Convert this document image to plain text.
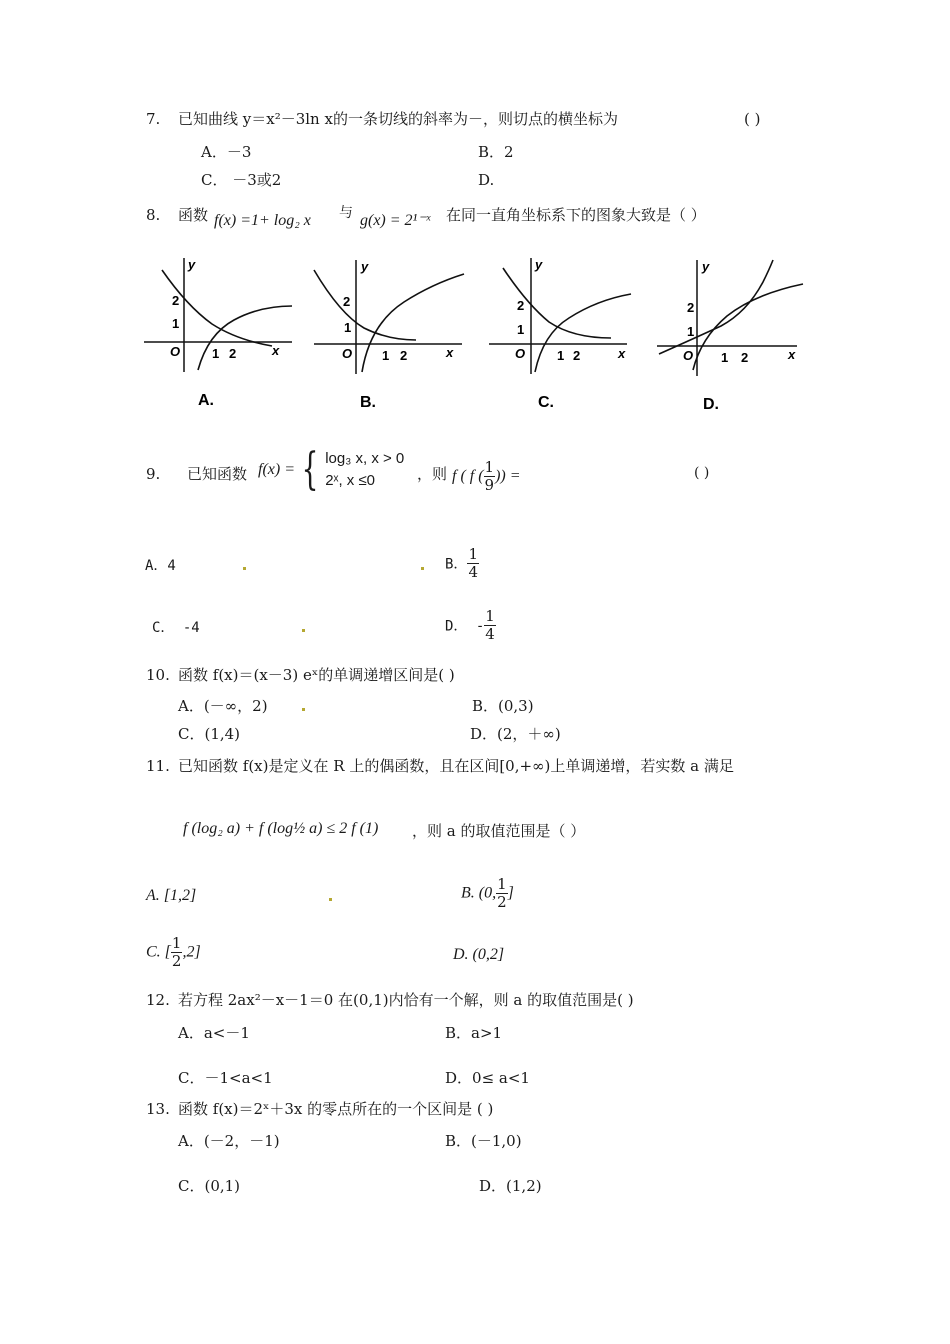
7. 已知曲线 y＝x²－3ln x的一条切线的斜率为－，则切点的横坐标为	( )
A．－3	B．2
C． －3或2	D.
8. 函数 f(x) =1+ log₂ x 与 g(x) = 2¹⁻ˣ 在同一直角坐标系下的图象大致是（ ）
2
1
O 1 2	x
y
A.
2
1
O 1 2	x
y
B.
2
1
O 1 2	x
y
C.
2
1
O 1 2	x
y
D.
9. 已知函数 f(x) = { log₃ x, x > 0
2ˣ, x ≤0	，则 f ( f ( $\frac{1}{9}$ )) =	( )
A．4	B． $\frac{1}{4}$
C． -4	D． - $\frac{1}{4}$
10. 函数 f(x)＝(x－3) eˣ的单调递增区间是( )
A．(－∞，2)	B．(0,3)
C．(1,4)	D．(2，＋∞)
11. 已知函数 f(x)是定义在 R 上的偶函数，且在区间[0,+∞)上单调递增，若实数 a 满足
f (log₂ a) + f (log½ a) ≤ 2 f (1) ，则 a 的取值范围是（ ）
A. [1,2]	B. (0, $\frac{1}{2}$ ]
C. [ $\frac{1}{2} ,2$]	D. (0,2]
12. 若方程 2ax²－x－1＝0 在(0,1)内恰有一个解，则 a 的取值范围是( )
A．a<－1	B．a>1
C．－1<a<1	D．0≤ a<1
13. 函数 f(x)＝2ˣ＋3x 的零点所在的一个区间是 ( )
A．(－2，－1)	B．(－1,0)
C．(0,1)	D．(1,2)
